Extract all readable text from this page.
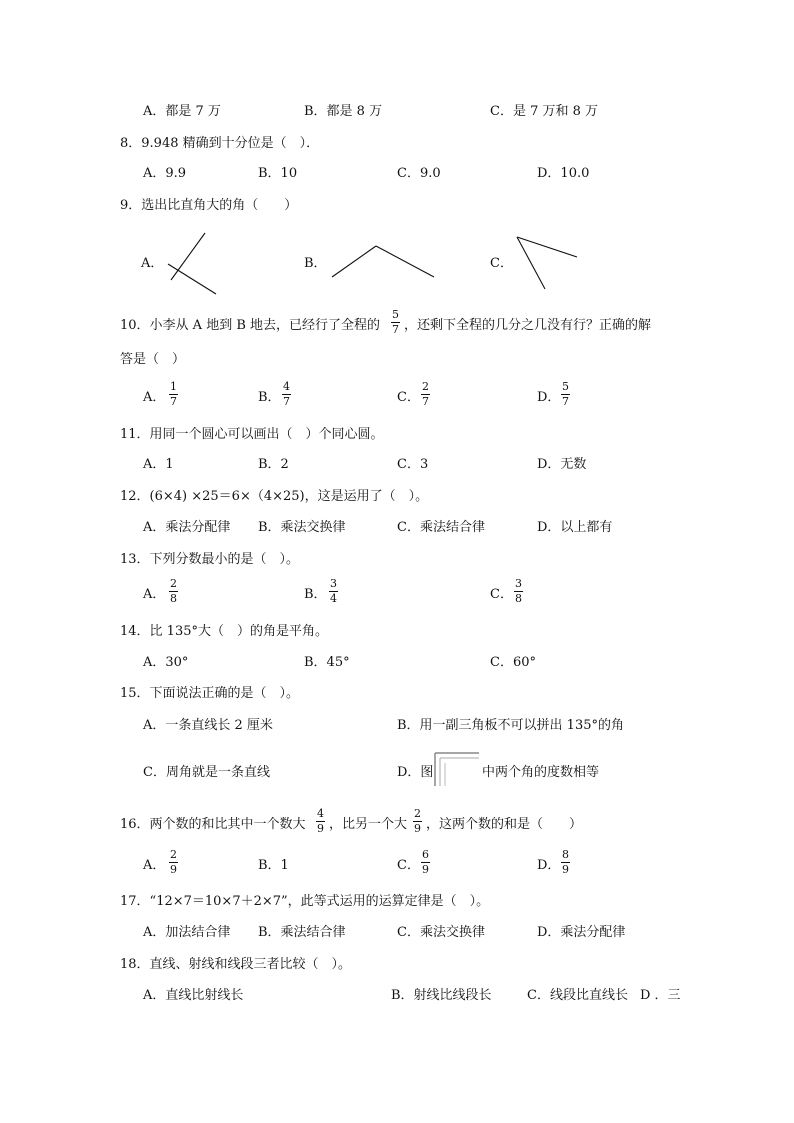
A．都是 7 万	B．都是 8 万	C．是 7 万和 8 万
8．9.948 精确到十分位是（　）．
A．9.9	B．10	C．9.0	D．10.0
9．选出比直角大的角（　　）
A．	B．	C．
10．小李从 A 地到 B 地去，已经行了全程的
5
7 ，还剩下全程的几分之几没有行？正确的解
答是（　）
A．
1
7	B．
4
7	C．
2
7	D．
5
7
11．用同一个圆心可以画出（　）个同心圆。
A．1	B．2	C．3	D．无数
12．(6×4) ×25＝6×（4×25)，这是运用了（　）。
A．乘法分配律 B．乘法交换律	C．乘法结合律	D．以上都有
13．下列分数最小的是（　）。
A．
2
8	B．
3
4	C．
3
8
14．比 135°大（　）的角是平角。
A．30°	B．45°	C．60°
15．下面说法正确的是（　）。
A．一条直线长 2 厘米	B．用一副三角板不可以拼出 135°的角
C．周角就是一条直线	D．图	中两个角的度数相等
16．两个数的和比其中一个数大
4
9 ，比另一个大
2
9 ，这两个数的和是（　　）
A．
2
9	B．1	C．
6
9	D．
8
9
17．“12×7＝10×7＋2×7”，此等式运用的运算定律是（　）。
A．加法结合律 B．乘法结合律	C．乘法交换律	D．乘法分配律
18．直线、射线和线段三者比较（　）。
A．直线比射线长	B．射线比线段长	C．线段比直线长 D ．三
